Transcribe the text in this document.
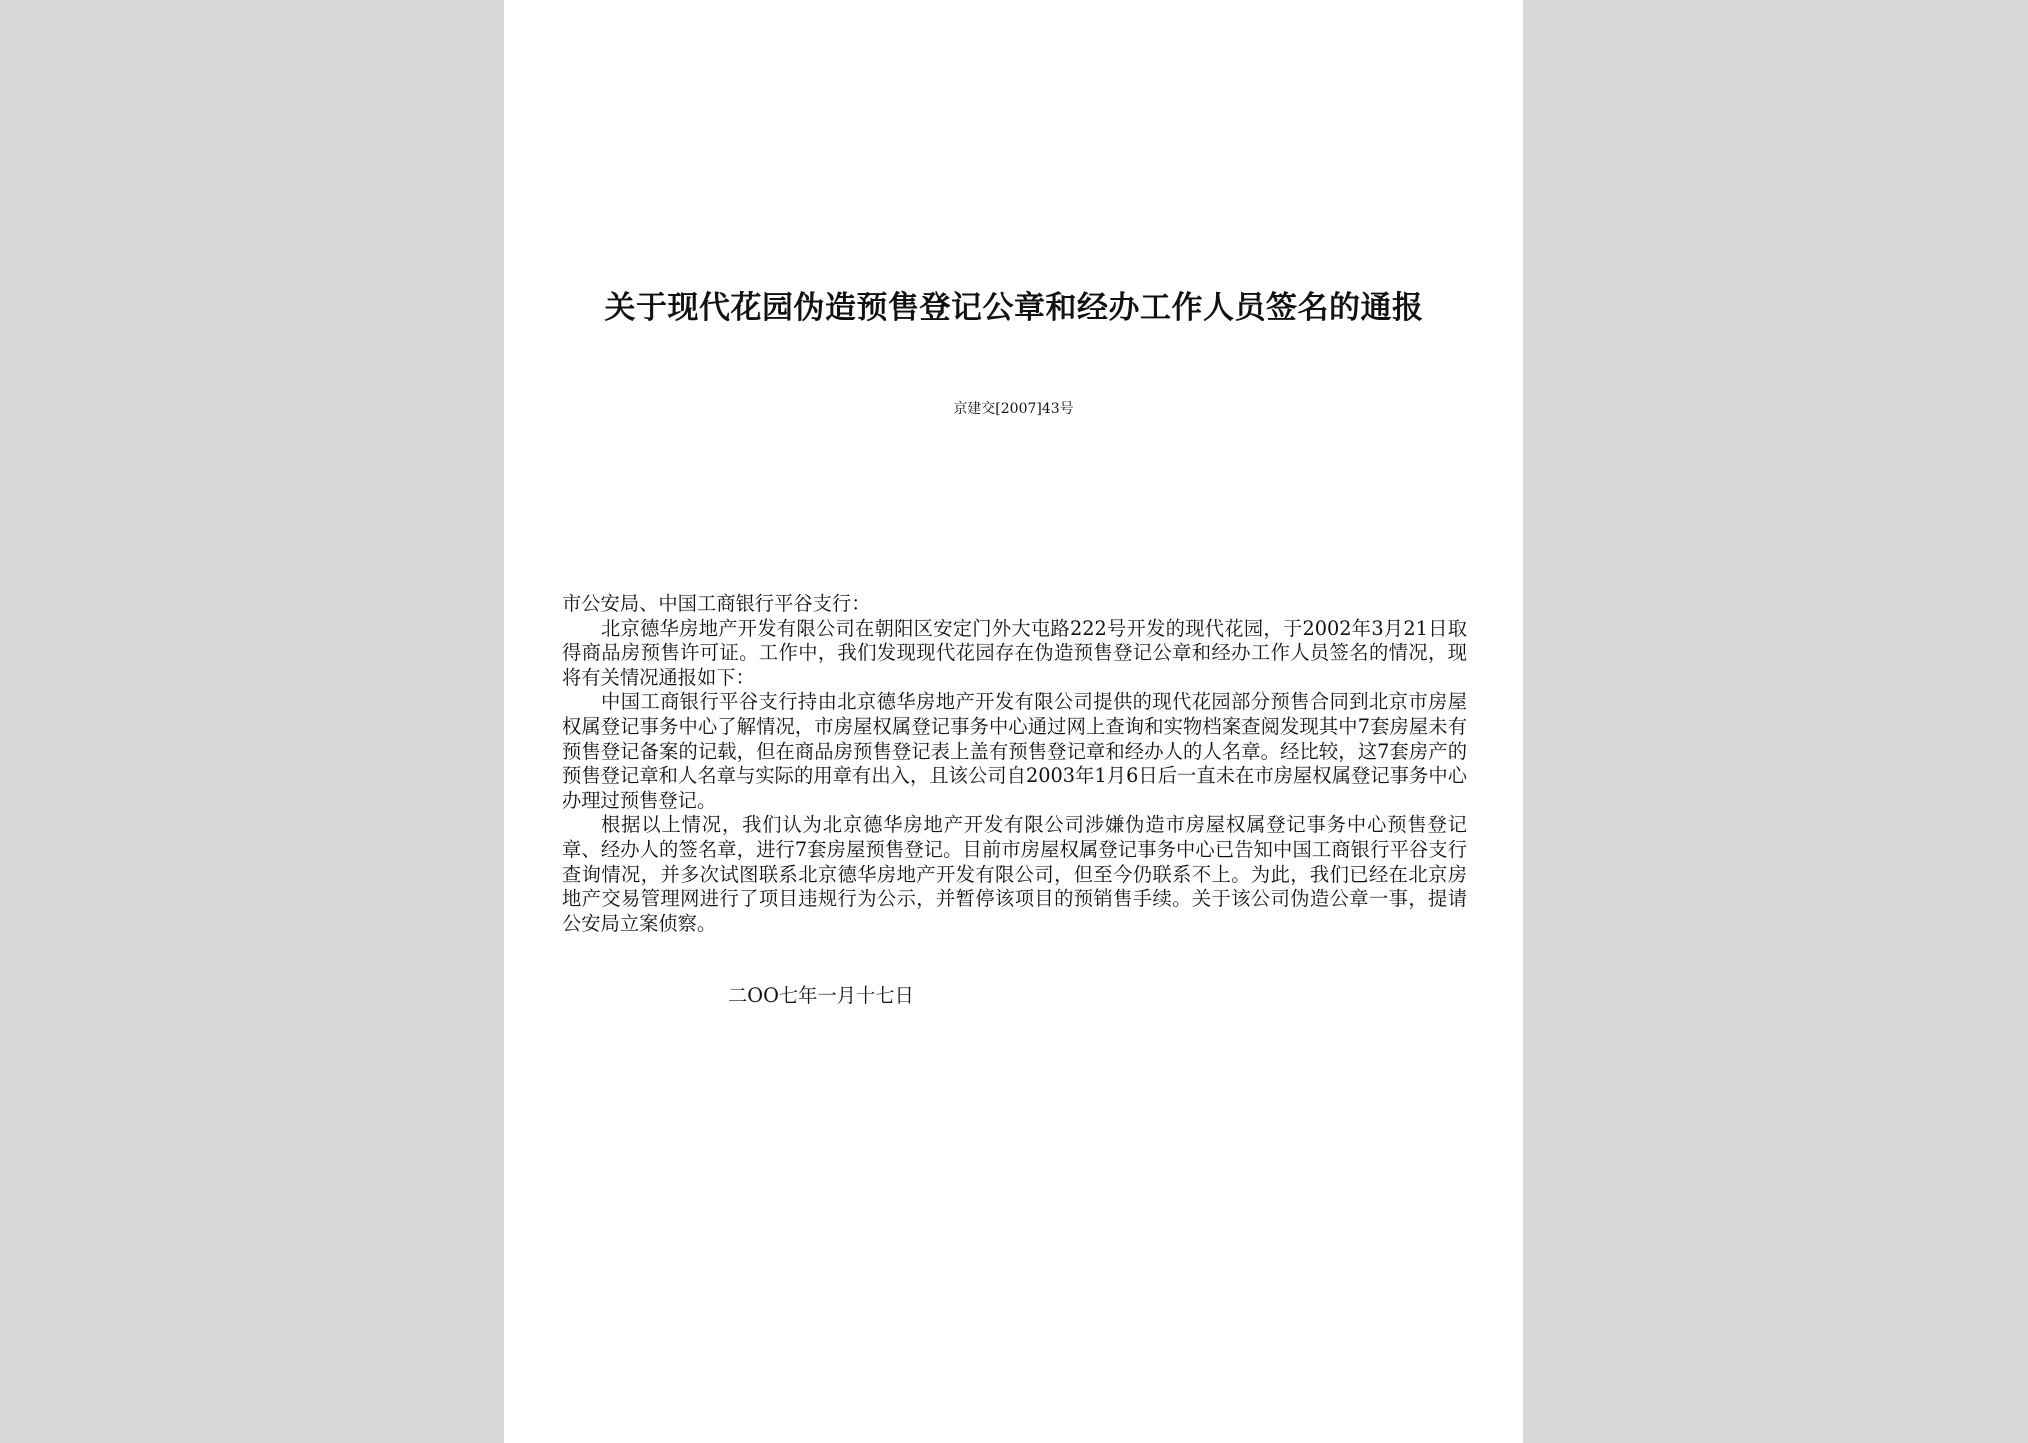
关于现代花园伪造预售登记公章和经办工作人员签名的通报
京建交[2007]43号

市公安局、中国工商银行平谷支行：

北京德华房地产开发有限公司在朝阳区安定门外大屯路222号开发的现代花园，于2002年3月21日取得商品房预售许可证。工作中，我们发现现代花园存在伪造预售登记公章和经办工作人员签名的情况，现将有关情况通报如下：

中国工商银行平谷支行持由北京德华房地产开发有限公司提供的现代花园部分预售合同到北京市房屋权属登记事务中心了解情况，市房屋权属登记事务中心通过网上查询和实物档案查阅发现其中7套房屋未有预售登记备案的记载，但在商品房预售登记表上盖有预售登记章和经办人的人名章。经比较，这7套房产的预售登记章和人名章与实际的用章有出入，且该公司自2003年1月6日后一直未在市房屋权属登记事务中心办理过预售登记。

根据以上情况，我们认为北京德华房地产开发有限公司涉嫌伪造市房屋权属登记事务中心预售登记章、经办人的签名章，进行7套房屋预售登记。目前市房屋权属登记事务中心已告知中国工商银行平谷支行查询情况，并多次试图联系北京德华房地产开发有限公司，但至今仍联系不上。为此，我们已经在北京房地产交易管理网进行了项目违规行为公示，并暂停该项目的预销售手续。关于该公司伪造公章一事，提请公安局立案侦察。

二OO七年一月十七日
